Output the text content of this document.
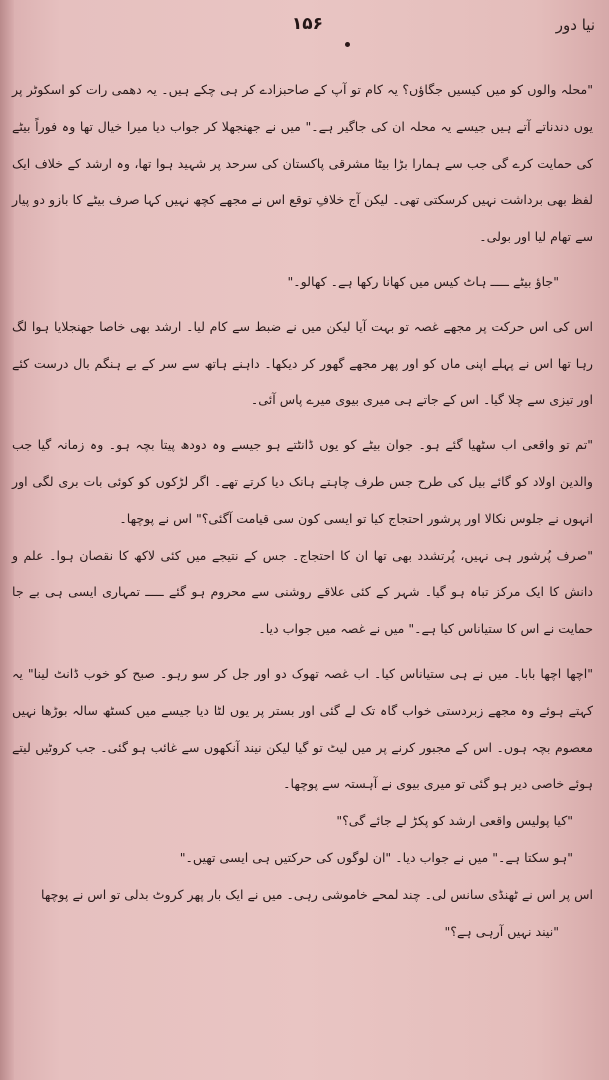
نیا دور
۱۵۶

"محلہ والوں کو میں کیسیں جگاؤں؟ یہ کام تو آپ کے صاحبزادے کر ہی چکے ہیں۔ یہ دھمی رات کو اسکوٹر پر یوں دندناتے آتے ہیں جیسے یہ محلہ ان کی جاگیر ہے۔" میں نے جھنجھلا کر جواب دیا میرا خیال تھا وہ فوراً بیٹے کی حمایت کرے گی جب سے ہمارا بڑا بیٹا مشرقی پاکستان کی سرحد پر شہید ہوا تھا، وہ ارشد کے خلاف ایک لفظ بھی برداشت نہیں کرسکتی تھی۔ لیکن آج خلافِ توقع اس نے مجھے کچھ نہیں کہا صرف بیٹے کا بازو دو پیار سے تھام لیا اور بولی۔

"جاؤ بیٹے ـــــ ہاٹ کیس میں کھانا رکھا ہے۔ کھالو۔"

اس کی اس حرکت پر مجھے غصہ تو بہت آیا لیکن میں نے ضبط سے کام لیا۔ ارشد بھی خاصا جھنجلایا ہوا لگ رہا تھا اس نے پہلے اپنی ماں کو اور پھر مجھے گھور کر دیکھا۔ داہنے ہاتھ سے سر کے بے ہنگم بال درست کئے اور تیزی سے چلا گیا۔ اس کے جاتے ہی میری بیوی میرے پاس آئی۔

"تم تو واقعی اب سٹھیا گئے ہو۔ جوان بیٹے کو یوں ڈانٹتے ہو جیسے وہ دودھ پیتا بچہ ہو۔ وہ زمانہ گیا جب والدین اولاد کو گائے بیل کی طرح جس طرف چاہتے ہانک دیا کرتے تھے۔ اگر لڑکوں کو کوئی بات بری لگی اور انہوں نے جلوس نکالا اور پرشور احتجاج کیا تو ایسی کون سی قیامت آگئی؟" اس نے پوچھا۔

"صرف پُرشور ہی نہیں، پُرتشدد بھی تھا ان کا احتجاج۔ جس کے نتیجے میں کئی لاکھ کا نقصان ہوا۔ علم و دانش کا ایک مرکز تباہ ہو گیا۔ شہر کے کئی علاقے روشنی سے محروم ہو گئے ـــــ تمہاری ایسی ہی بے جا حمایت نے اس کا ستیاناس کیا ہے۔" میں نے غصہ میں جواب دیا۔

"اچھا اچھا بابا۔ میں نے ہی ستیاناس کیا۔ اب غصہ تھوک دو اور جل کر سو رہو۔ صبح کو خوب ڈانٹ لینا" یہ کہتے ہوئے وہ مجھے زبردستی خواب گاہ تک لے گئی اور بستر پر یوں لٹا دیا جیسے میں کسٹھ سالہ بوڑھا نہیں معصوم بچہ ہوں۔ اس کے مجبور کرنے پر میں لیٹ تو گیا لیکن نیند آنکھوں سے غائب ہو گئی۔ جب کروٹیں لیتے ہوئے خاصی دیر ہو گئی تو میری بیوی نے آہستہ سے پوچھا۔

"کیا پولیس واقعی ارشد کو پکڑ لے جائے گی؟"

"ہو سکتا ہے۔" میں نے جواب دیا۔ "ان لوگوں کی حرکتیں ہی ایسی تھیں۔"

اس پر اس نے ٹھنڈی سانس لی۔ چند لمحے خاموشی رہی۔ میں نے ایک بار پھر کروٹ بدلی تو اس نے پوچھا

"نیند نہیں آرہی ہے؟"
